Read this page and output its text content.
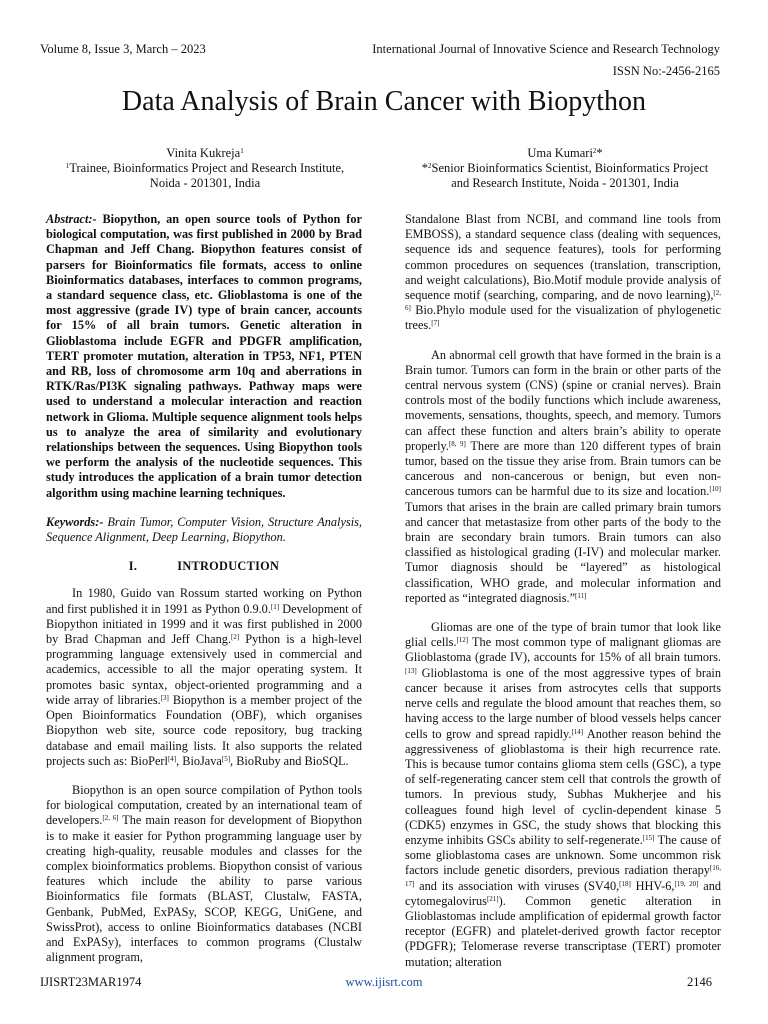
Volume 8, Issue 3, March – 2023	International Journal of Innovative Science and Research Technology
ISSN No:-2456-2165
Data Analysis of Brain Cancer with Biopython
Vinita Kukreja$^1$
$^1$Trainee, Bioinformatics Project and Research Institute,
Noida - 201301, India
Uma Kumari$^2$*
*$^2$Senior Bioinformatics Scientist, Bioinformatics Project
and Research Institute, Noida - 201301, India

Abstract:- Biopython, an open source tools of Python for biological computation, was first published in 2000 by Brad Chapman and Jeff Chang. Biopython features consist of parsers for Bioinformatics file formats, access to online Bioinformatics databases, interfaces to common programs, a standard sequence class, etc. Glioblastoma is one of the most aggressive (grade IV) type of brain cancer, accounts for 15% of all brain tumors. Genetic alteration in Glioblastoma include EGFR and PDGFR amplification, TERT promoter mutation, alteration in TP53, NF1, PTEN and RB, loss of chromosome arm 10q and aberrations in RTK/Ras/PI3K signaling pathways. Pathway maps were used to understand a molecular interaction and reaction network in Glioma. Multiple sequence alignment tools helps us to analyze the area of similarity and evolutionary relationships between the sequences. Using Biopython tools we perform the analysis of the nucleotide sequences. This study introduces the application of a brain tumor detection algorithm using machine learning techniques.

Keywords:- Brain Tumor, Computer Vision, Structure Analysis, Sequence Alignment, Deep Learning, Biopython.

I.	INTRODUCTION

In 1980, Guido van Rossum started working on Python and first published it in 1991 as Python 0.9.0.[1] Development of Biopython initiated in 1999 and it was first published in 2000 by Brad Chapman and Jeff Chang.[2] Python is a high-level programming language extensively used in commercial and academics, accessible to all the major operating system. It promotes basic syntax, object-oriented programming and a wide array of libraries.[3] Biopython is a member project of the Open Bioinformatics Foundation (OBF), which organises Biopython web site, source code repository, bug tracking database and email mailing lists. It also supports the related projects such as: BioPerl[4], BioJava[5], BioRuby and BioSQL.

Biopython is an open source compilation of Python tools for biological computation, created by an international team of developers.[2, 6] The main reason for development of Biopython is to make it easier for Python programming language user by creating high-quality, reusable modules and classes for the complex bioinformatics problems. Biopython consist of various features which include the ability to parse various Bioinformatics file formats (BLAST, Clustalw, FASTA, Genbank, PubMed, ExPASy, SCOP, KEGG, UniGene, and SwissProt), access to online Bioinformatics databases (NCBI and ExPASy), interfaces to common programs (Clustalw alignment program,

Standalone Blast from NCBI, and command line tools from EMBOSS), a standard sequence class (dealing with sequences, sequence ids and sequence features), tools for performing common procedures on sequences (translation, transcription, and weight calculations), Bio.Motif module provide analysis of sequence motif (searching, comparing, and de novo learning),[2, 6] Bio.Phylo module used for the visualization of phylogenetic trees.[7]

An abnormal cell growth that have formed in the brain is a Brain tumor. Tumors can form in the brain or other parts of the central nervous system (CNS) (spine or cranial nerves). Brain controls most of the bodily functions which include awareness, movements, sensations, thoughts, speech, and memory. Tumors can affect these function and alters brain’s ability to operate properly.[8, 9] There are more than 120 different types of brain tumor, based on the tissue they arise from. Brain tumors can be cancerous and non-cancerous or benign, but even non-cancerous tumors can be harmful due to its size and location.[10] Tumors that arises in the brain are called primary brain tumors and cancer that metastasize from other parts of the body to the brain are secondary brain tumors. Brain tumors can also classified as histological grading (I-IV) and molecular marker. Tumor diagnosis should be “layered” as histological classification, WHO grade, and molecular information and reported as “integrated diagnosis.”[11]

Gliomas are one of the type of brain tumor that look like glial cells.[12] The most common type of malignant gliomas are Glioblastoma (grade IV), accounts for 15% of all brain tumors.[13] Glioblastoma is one of the most aggressive types of brain cancer because it arises from astrocytes cells that supports nerve cells and regulate the blood amount that reaches them, so having access to the large number of blood vessels helps cancer cells to grow and spread rapidly.[14] Another reason behind the aggressiveness of glioblastoma is their high recurrence rate. This is because tumor contains glioma stem cells (GSC), a type of self-regenerating cancer stem cell that controls the growth of tumors. In previous study, Subhas Mukherjee and his colleagues found high level of cyclin-dependent kinase 5 (CDK5) enzymes in GSC, the study shows that blocking this enzyme inhibits GSCs ability to self-regenerate.[15] The cause of some glioblastoma cases are unknown. Some uncommon risk factors include genetic disorders, previous radiation therapy[16, 17] and its association with viruses (SV40,[18] HHV-6,[19, 20] and cytomegalovirus[21]). Common genetic alteration in Glioblastomas include amplification of epidermal growth factor receptor (EGFR) and platelet-derived growth factor receptor (PDGFR); Telomerase reverse transcriptase (TERT) promoter mutation; alteration

IJISRT23MAR1974	www.ijisrt.com	2146
